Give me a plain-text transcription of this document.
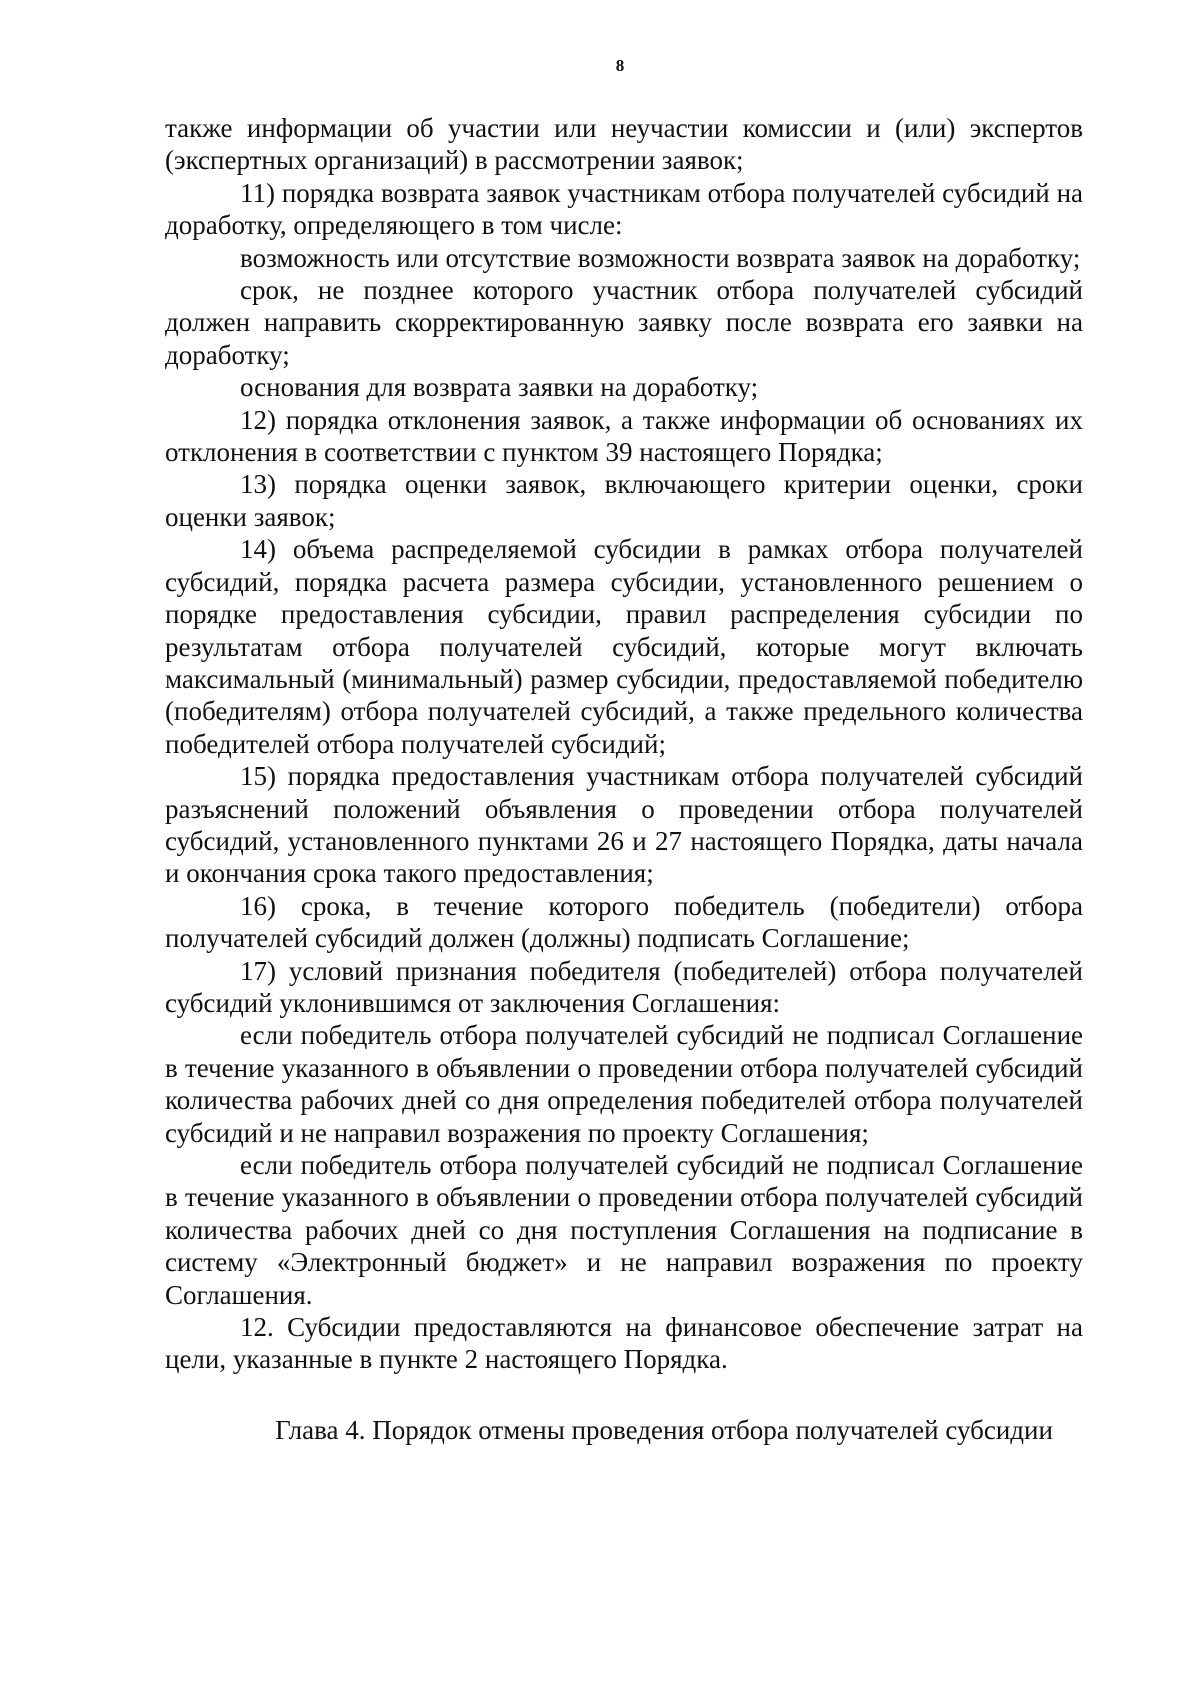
8

также информации об участии или неучастии комиссии и (или) экспертов (экспертных организаций) в рассмотрении заявок;

11) порядка возврата заявок участникам отбора получателей субсидий на доработку, определяющего в том числе:

возможность или отсутствие возможности возврата заявок на доработку;

срок, не позднее которого участник отбора получателей субсидий должен направить скорректированную заявку после возврата его заявки на доработку;

основания для возврата заявки на доработку;

12) порядка отклонения заявок, а также информации об основаниях их отклонения в соответствии с пунктом 39 настоящего Порядка;

13) порядка оценки заявок, включающего критерии оценки, сроки оценки заявок;

14) объема распределяемой субсидии в рамках отбора получателей субсидий, порядка расчета размера субсидии, установленного решением о порядке предоставления субсидии, правил распределения субсидии по результатам отбора получателей субсидий, которые могут включать максимальный (минимальный) размер субсидии, предоставляемой победителю (победителям) отбора получателей субсидий, а также предельного количества победителей отбора получателей субсидий;

15) порядка предоставления участникам отбора получателей субсидий разъяснений положений объявления о проведении отбора получателей субсидий, установленного пунктами 26 и 27 настоящего Порядка, даты начала и окончания срока такого предоставления;

16) срока, в течение которого победитель (победители) отбора получателей субсидий должен (должны) подписать Соглашение;

17) условий признания победителя (победителей) отбора получателей субсидий уклонившимся от заключения Соглашения:

если победитель отбора получателей субсидий не подписал Соглашение в течение указанного в объявлении о проведении отбора получателей субсидий количества рабочих дней со дня определения победителей отбора получателей субсидий и не направил возражения по проекту Соглашения;

если победитель отбора получателей субсидий не подписал Соглашение в течение указанного в объявлении о проведении отбора получателей субсидий количества рабочих дней со дня поступления Соглашения на подписание в систему «Электронный бюджет» и не направил возражения по проекту Соглашения.

12. Субсидии предоставляются на финансовое обеспечение затрат на цели, указанные в пункте 2 настоящего Порядка.

Глава 4. Порядок отмены проведения отбора получателей субсидии
